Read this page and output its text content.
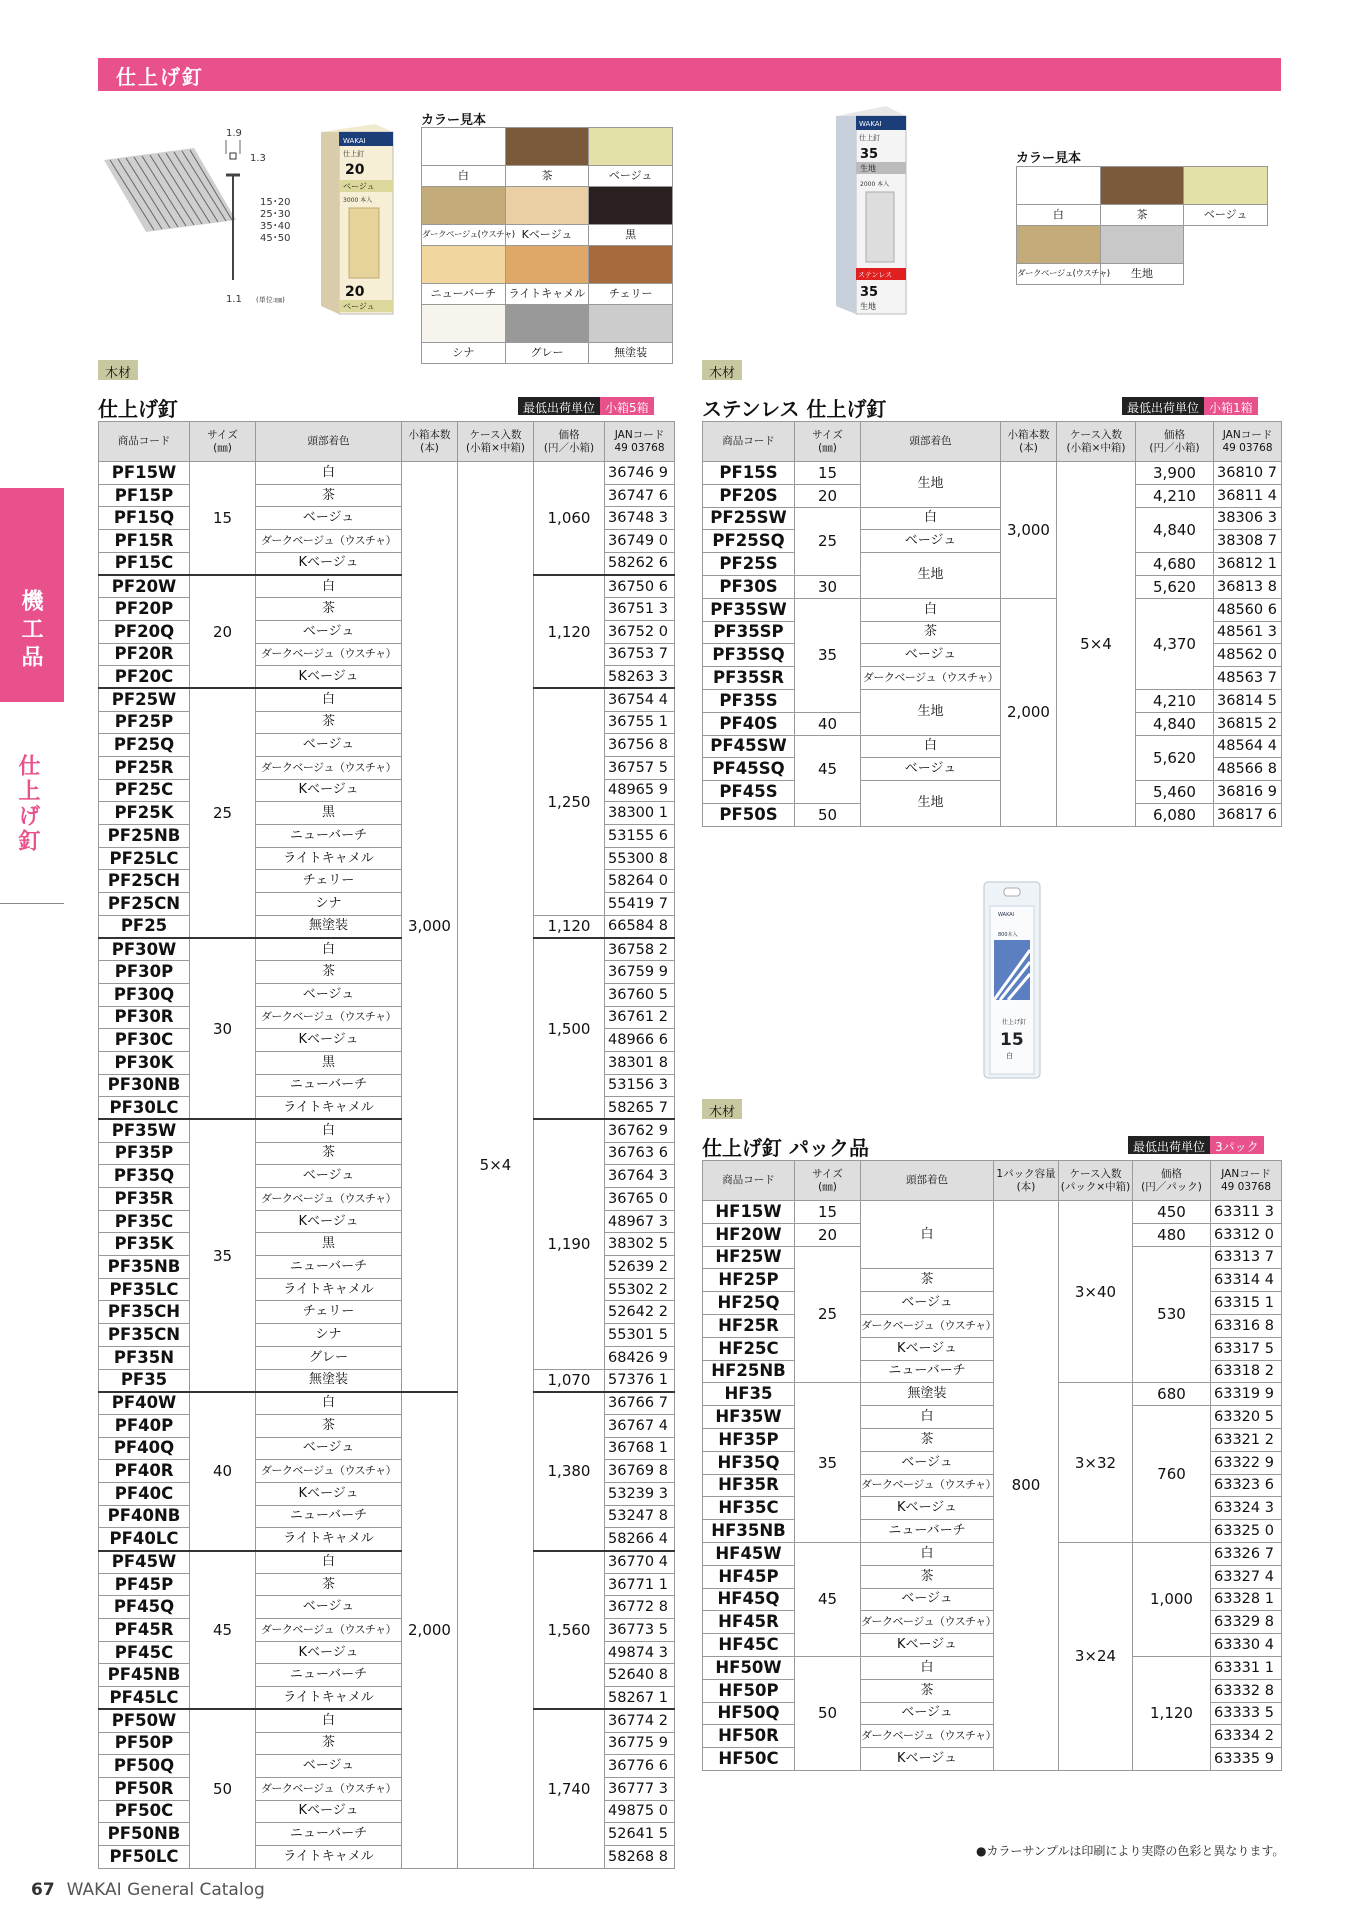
仕上げ釘
機工品
仕上げ釘
1.9
1.3
15･20
25･30
35･40
45･50
1.1 (単位:㎜)
WAKAI
仕上釘
20
ベージュ
3000 本入
20
ベージュ
カラー見本

白	茶	ベージュ

ダークベージュ(ウスチャ)	Kベージュ	黒

ニューバーチ	ライトキャメル	チェリー

シナ	グレー	無塗装
WAKAI
仕上釘
35
生地
2000 本入
ステンレス
35
生地
カラー見本

白	茶	ベージュ

ダークベージュ(ウスチャ)	生地	
WAKAI
800本入
仕上げ釘
15
白
木材
仕上げ釘	最低出荷単位 小箱5箱
商品コード	サイズ
(㎜)	頭部着色	小箱本数
(本)	ケース入数
(小箱×中箱)	価格
(円／小箱)	JANコード
49 03768
PF15W	15	白	3,000	5×4	1,060	36746 9
PF15P		茶				36747 6
PF15Q		ベージュ				36748 3
PF15R		ダークベージュ（ウスチャ）				36749 0
PF15C		Kベージュ				58262 6
PF20W	20	白			1,120	36750 6
PF20P		茶				36751 3
PF20Q		ベージュ				36752 0
PF20R		ダークベージュ（ウスチャ）				36753 7
PF20C		Kベージュ				58263 3
PF25W	25	白			1,250	36754 4
PF25P		茶				36755 1
PF25Q		ベージュ				36756 8
PF25R		ダークベージュ（ウスチャ）				36757 5
PF25C		Kベージュ				48965 9
PF25K		黒				38300 1
PF25NB		ニューバーチ				53155 6
PF25LC		ライトキャメル				55300 8
PF25CH		チェリー				58264 0
PF25CN		シナ				55419 7
PF25		無塗装			1,120	66584 8
PF30W	30	白			1,500	36758 2
PF30P		茶				36759 9
PF30Q		ベージュ				36760 5
PF30R		ダークベージュ（ウスチャ）				36761 2
PF30C		Kベージュ				48966 6
PF30K		黒				38301 8
PF30NB		ニューバーチ				53156 3
PF30LC		ライトキャメル				58265 7
PF35W	35	白			1,190	36762 9
PF35P		茶				36763 6
PF35Q		ベージュ				36764 3
PF35R		ダークベージュ（ウスチャ）				36765 0
PF35C		Kベージュ				48967 3
PF35K		黒				38302 5
PF35NB		ニューバーチ				52639 2
PF35LC		ライトキャメル				55302 2
PF35CH		チェリー				52642 2
PF35CN		シナ				55301 5
PF35N		グレー				68426 9
PF35		無塗装			1,070	57376 1
PF40W	40	白	2,000		1,380	36766 7
PF40P		茶				36767 4
PF40Q		ベージュ				36768 1
PF40R		ダークベージュ（ウスチャ）				36769 8
PF40C		Kベージュ				53239 3
PF40NB		ニューバーチ				53247 8
PF40LC		ライトキャメル				58266 4
PF45W	45	白			1,560	36770 4
PF45P		茶				36771 1
PF45Q		ベージュ				36772 8
PF45R		ダークベージュ（ウスチャ）				36773 5
PF45C		Kベージュ				49874 3
PF45NB		ニューバーチ				52640 8
PF45LC		ライトキャメル				58267 1
PF50W	50	白			1,740	36774 2
PF50P		茶				36775 9
PF50Q		ベージュ				36776 6
PF50R		ダークベージュ（ウスチャ）				36777 3
PF50C		Kベージュ				49875 0
PF50NB		ニューバーチ				52641 5
PF50LC		ライトキャメル				58268 8
木材
ステンレス 仕上げ釘	最低出荷単位 小箱1箱
商品コード	サイズ
(㎜)	頭部着色	小箱本数
(本)	ケース入数
(小箱×中箱)	価格
(円／小箱)	JANコード
49 03768
PF15S	15	生地	3,000	5×4	3,900	36810 7
PF20S	20				4,210	36811 4
PF25SW	25	白			4,840	38306 3
PF25SQ		ベージュ				38308 7
PF25S		生地			4,680	36812 1
PF30S	30				5,620	36813 8
PF35SW	35	白	2,000		4,370	48560 6
PF35SP		茶				48561 3
PF35SQ		ベージュ				48562 0
PF35SR		ダークベージュ（ウスチャ）				48563 7
PF35S		生地			4,210	36814 5
PF40S	40				4,840	36815 2
PF45SW	45	白			5,620	48564 4
PF45SQ		ベージュ				48566 8
PF45S		生地			5,460	36816 9
PF50S	50				6,080	36817 6
木材
仕上げ釘 パック品	最低出荷単位 3パック
商品コード	サイズ
(㎜)	頭部着色	1パック容量
(本)	ケース入数
(パック×中箱)	価格
(円／パック)	JANコード
49 03768
HF15W	15	白	800	3×40	450	63311 3
HF20W	20				480	63312 0
HF25W	25				530	63313 7
HF25P		茶				63314 4
HF25Q		ベージュ				63315 1
HF25R		ダークベージュ（ウスチャ）				63316 8
HF25C		Kベージュ				63317 5
HF25NB		ニューバーチ				63318 2
HF35	35	無塗装		3×32	680	63319 9
HF35W		白			760	63320 5
HF35P		茶				63321 2
HF35Q		ベージュ				63322 9
HF35R		ダークベージュ（ウスチャ）				63323 6
HF35C		Kベージュ				63324 3
HF35NB		ニューバーチ				63325 0
HF45W	45	白		3×24	1,000	63326 7
HF45P		茶				63327 4
HF45Q		ベージュ				63328 1
HF45R		ダークベージュ（ウスチャ）				63329 8
HF45C		Kベージュ				63330 4
HF50W	50	白			1,120	63331 1
HF50P		茶				63332 8
HF50Q		ベージュ				63333 5
HF50R		ダークベージュ（ウスチャ）				63334 2
HF50C		Kベージュ				63335 9
●カラーサンプルは印刷により実際の色彩と異なります。
67 WAKAI General Catalog
